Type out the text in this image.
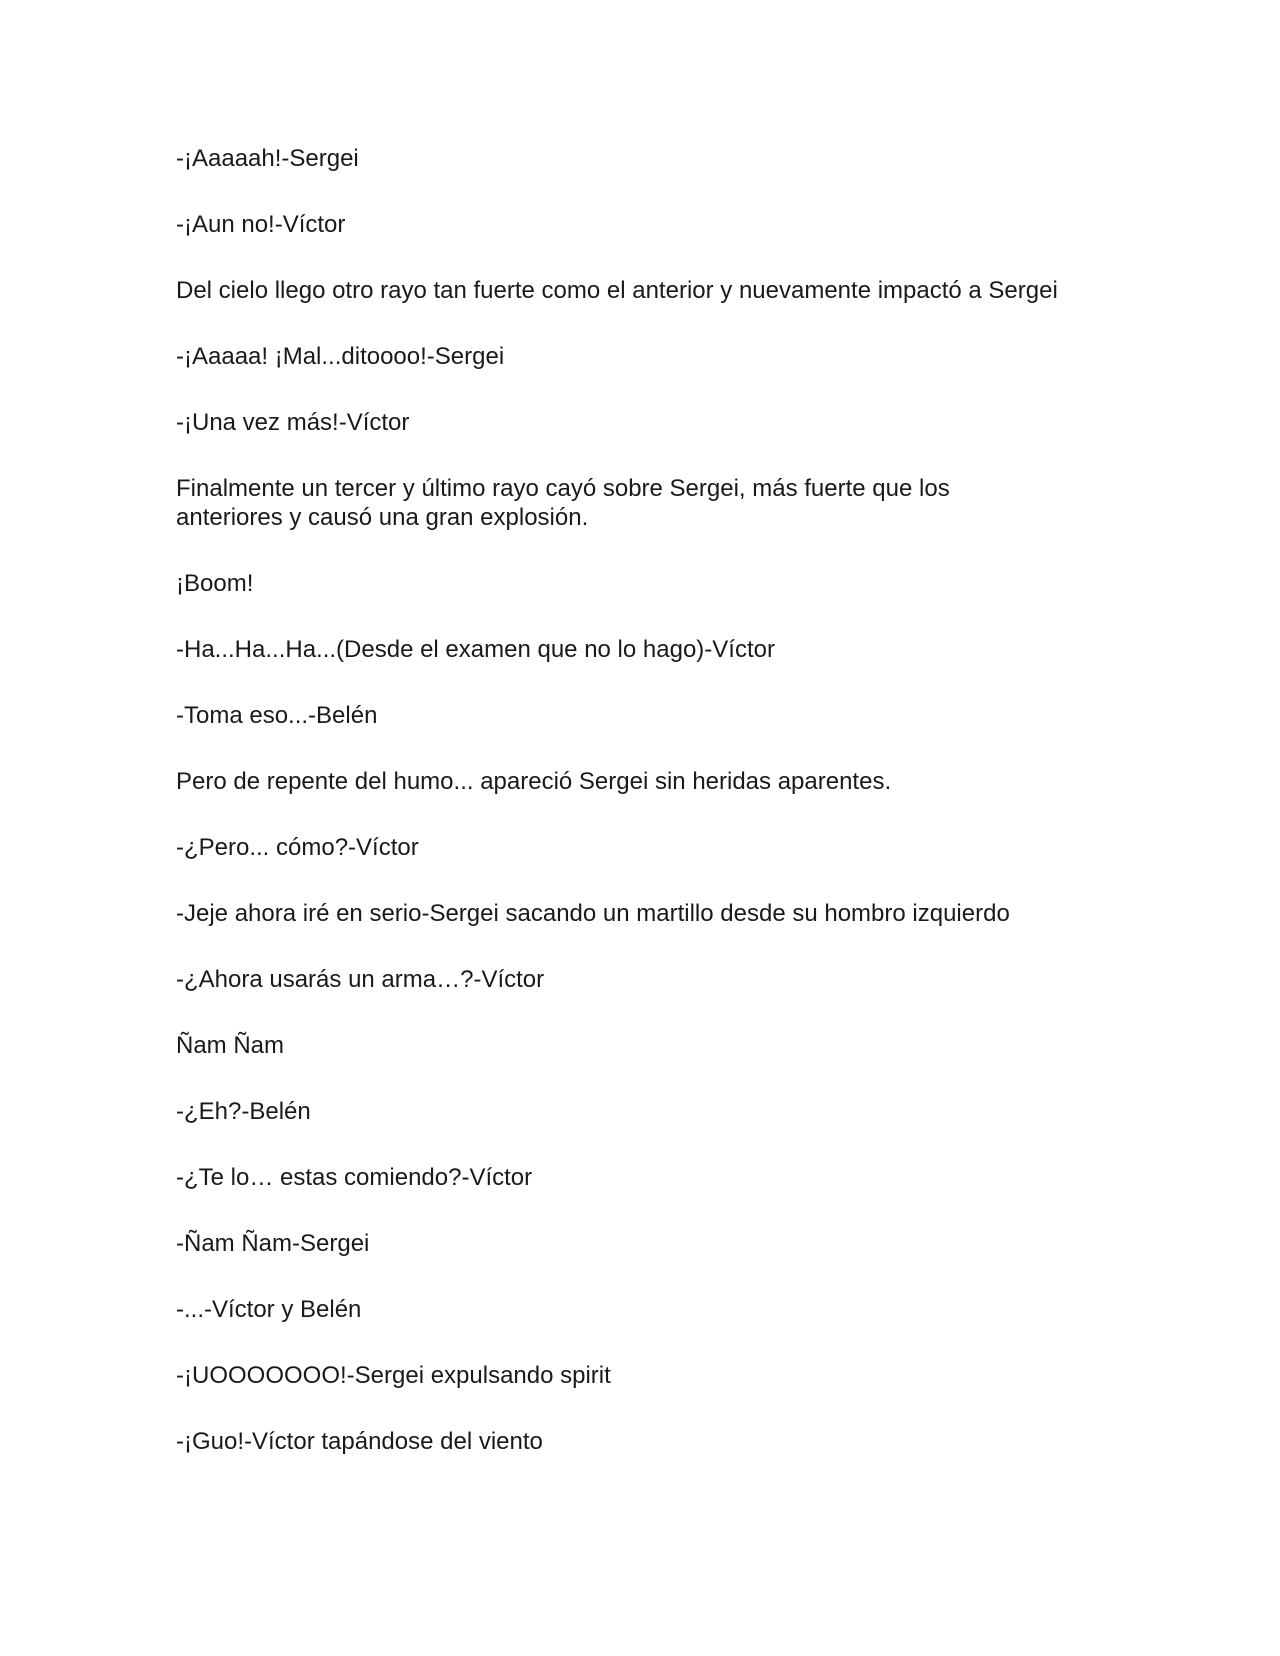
-¡Aaaaah!-Sergei

-¡Aun no!-Víctor

Del cielo llego otro rayo tan fuerte como el anterior y nuevamente impactó a Sergei

-¡Aaaaa! ¡Mal...ditoooo!-Sergei

-¡Una vez más!-Víctor

Finalmente un tercer y último rayo cayó sobre Sergei, más fuerte que los anteriores y causó una gran explosión.

¡Boom!

-Ha...Ha...Ha...(Desde el examen que no lo hago)-Víctor

-Toma eso...-Belén

Pero de repente del humo... apareció Sergei sin heridas aparentes.

-¿Pero... cómo?-Víctor

-Jeje ahora iré en serio-Sergei sacando un martillo desde su hombro izquierdo

-¿Ahora usarás un arma…?-Víctor

Ñam Ñam

-¿Eh?-Belén

-¿Te lo… estas comiendo?-Víctor

-Ñam Ñam-Sergei

-...-Víctor y Belén

-¡UOOOOOOO!-Sergei expulsando spirit

-¡Guo!-Víctor tapándose del viento
